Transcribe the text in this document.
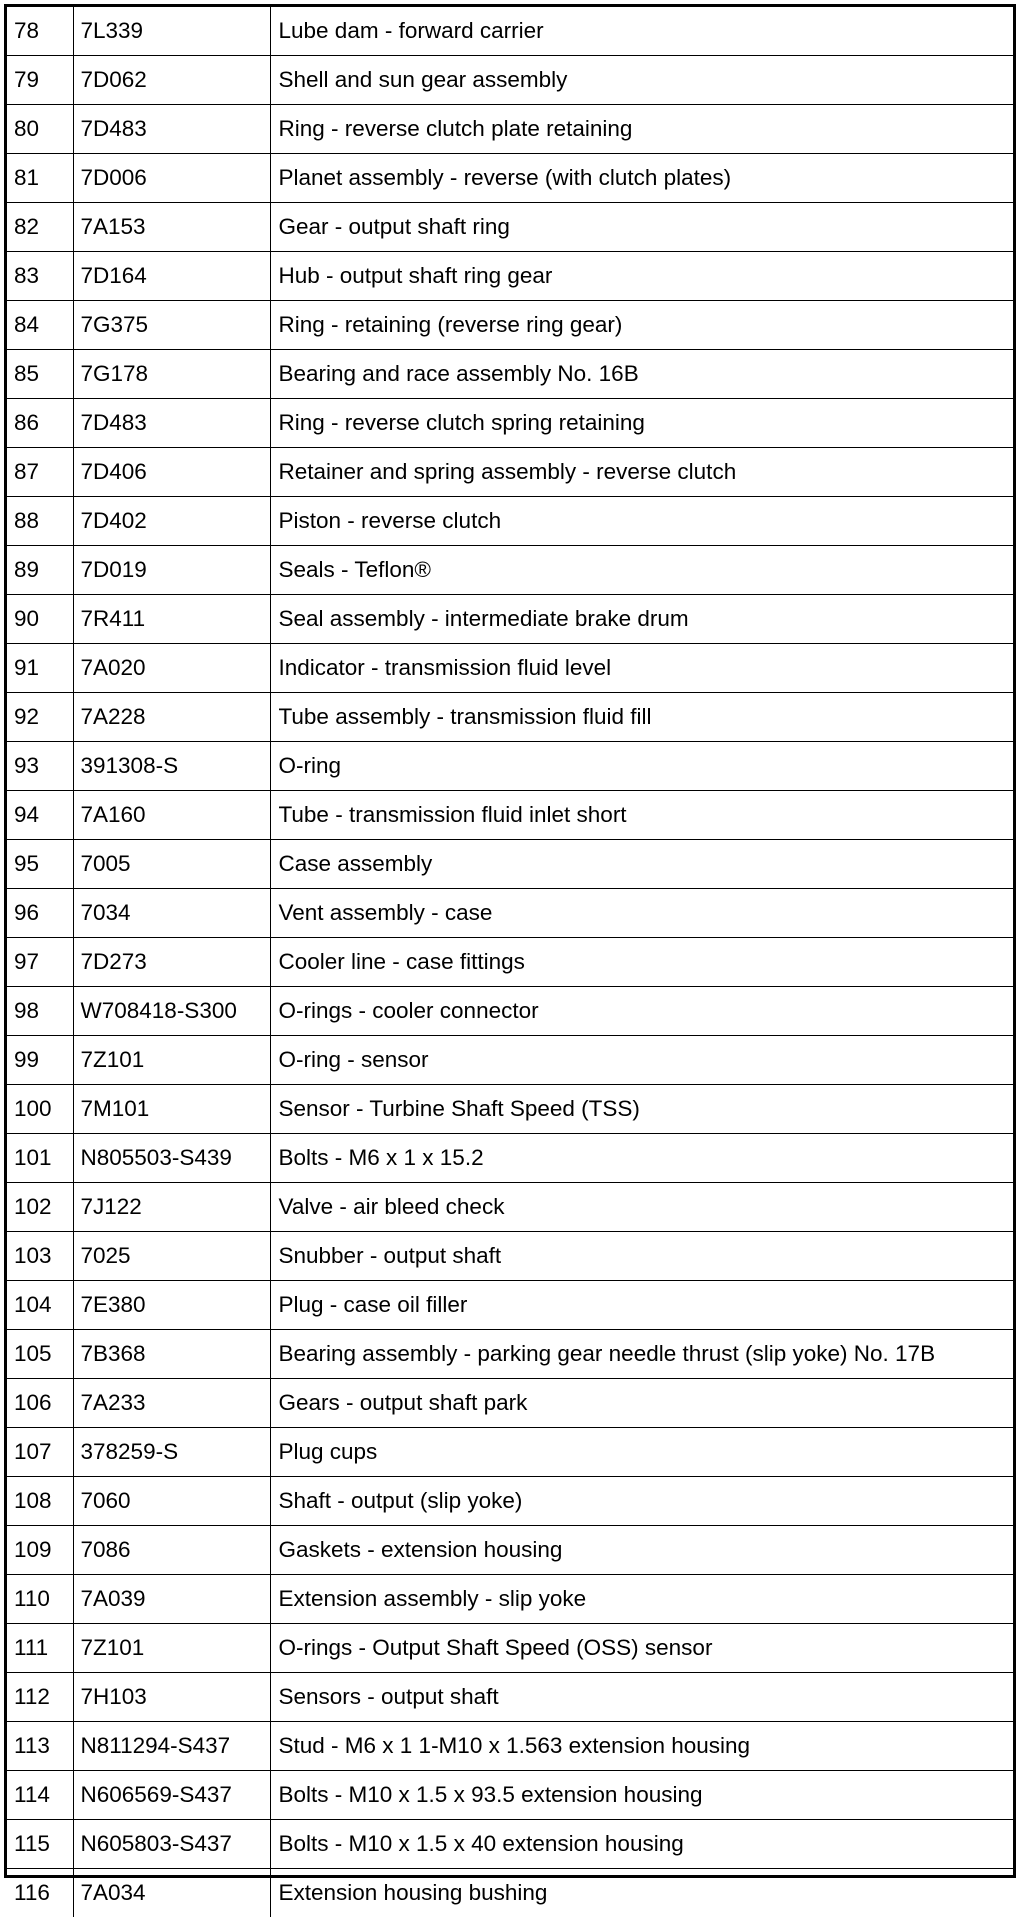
78	7L339	Lube dam - forward carrier
79	7D062	Shell and sun gear assembly
80	7D483	Ring - reverse clutch plate retaining
81	7D006	Planet assembly - reverse (with clutch plates)
82	7A153	Gear - output shaft ring
83	7D164	Hub - output shaft ring gear
84	7G375	Ring - retaining (reverse ring gear)
85	7G178	Bearing and race assembly No. 16B
86	7D483	Ring - reverse clutch spring retaining
87	7D406	Retainer and spring assembly - reverse clutch
88	7D402	Piston - reverse clutch
89	7D019	Seals - Teflon®
90	7R411	Seal assembly - intermediate brake drum
91	7A020	Indicator - transmission fluid level
92	7A228	Tube assembly - transmission fluid fill
93	391308-S	O-ring
94	7A160	Tube - transmission fluid inlet short
95	7005	Case assembly
96	7034	Vent assembly - case
97	7D273	Cooler line - case fittings
98	W708418-S300	O-rings - cooler connector
99	7Z101	O-ring - sensor
100	7M101	Sensor - Turbine Shaft Speed (TSS)
101	N805503-S439	Bolts - M6 x 1 x 15.2
102	7J122	Valve - air bleed check
103	7025	Snubber - output shaft
104	7E380	Plug - case oil filler
105	7B368	Bearing assembly - parking gear needle thrust (slip yoke) No. 17B
106	7A233	Gears - output shaft park
107	378259-S	Plug cups
108	7060	Shaft - output (slip yoke)
109	7086	Gaskets - extension housing
110	7A039	Extension assembly - slip yoke
111	7Z101	O-rings - Output Shaft Speed (OSS) sensor
112	7H103	Sensors - output shaft
113	N811294-S437	Stud - M6 x 1 1-M10 x 1.563 extension housing
114	N606569-S437	Bolts - M10 x 1.5 x 93.5 extension housing
115	N605803-S437	Bolts - M10 x 1.5 x 40 extension housing
116	7A034	Extension housing bushing
